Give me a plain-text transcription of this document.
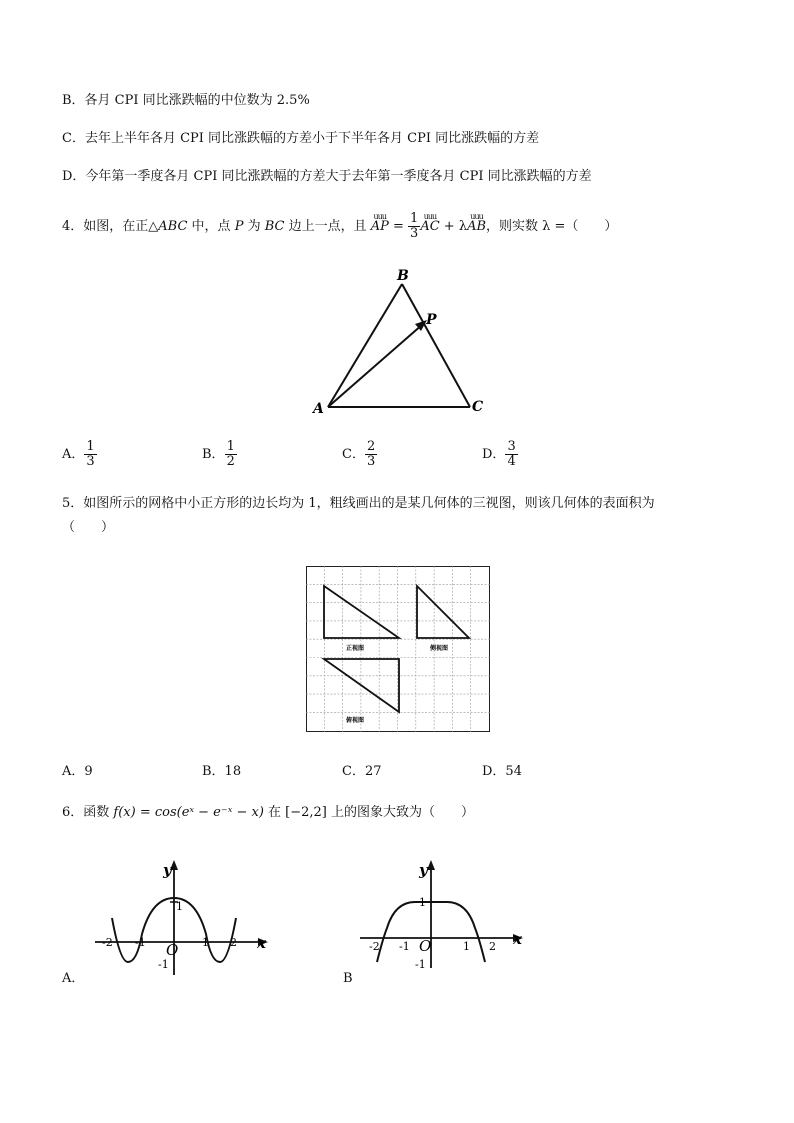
B．各月 CPI 同比涨跌幅的中位数为 2.5%
C．去年上半年各月 CPI 同比涨跌幅的方差小于下半年各月 CPI 同比涨跌幅的方差
D．今年第一季度各月 CPI 同比涨跌幅的方差大于去年第一季度各月 CPI 同比涨跌幅的方差
4．如图，在正△ABC 中，点 P 为 BC 边上一点，且
uuu
AP = $\frac{1}{3}$ uuu
AC + λ
uuu
AB，则实数 λ =（　　）
B
P
A	C
A． $\frac{1}{3}$	B． $\frac{1}{2}$	C． $\frac{2}{3}$	D． $\frac{3}{4}$
5．如图所示的网格中小正方形的边长均为 1，粗线画出的是某几何体的三视图，则该几何体的表面积为
（　　）
正视图	侧视图
俯视图
A．9	B．18	C．27	D．54
6．函数 f(x) = cos(eˣ − e⁻ˣ − x) 在 [−2,2] 上的图象大致为（　　）
y
x
O
1
-1
-2 -1	1 2
A．
y
x
O
1
-1
-2 -1	1 2
B
